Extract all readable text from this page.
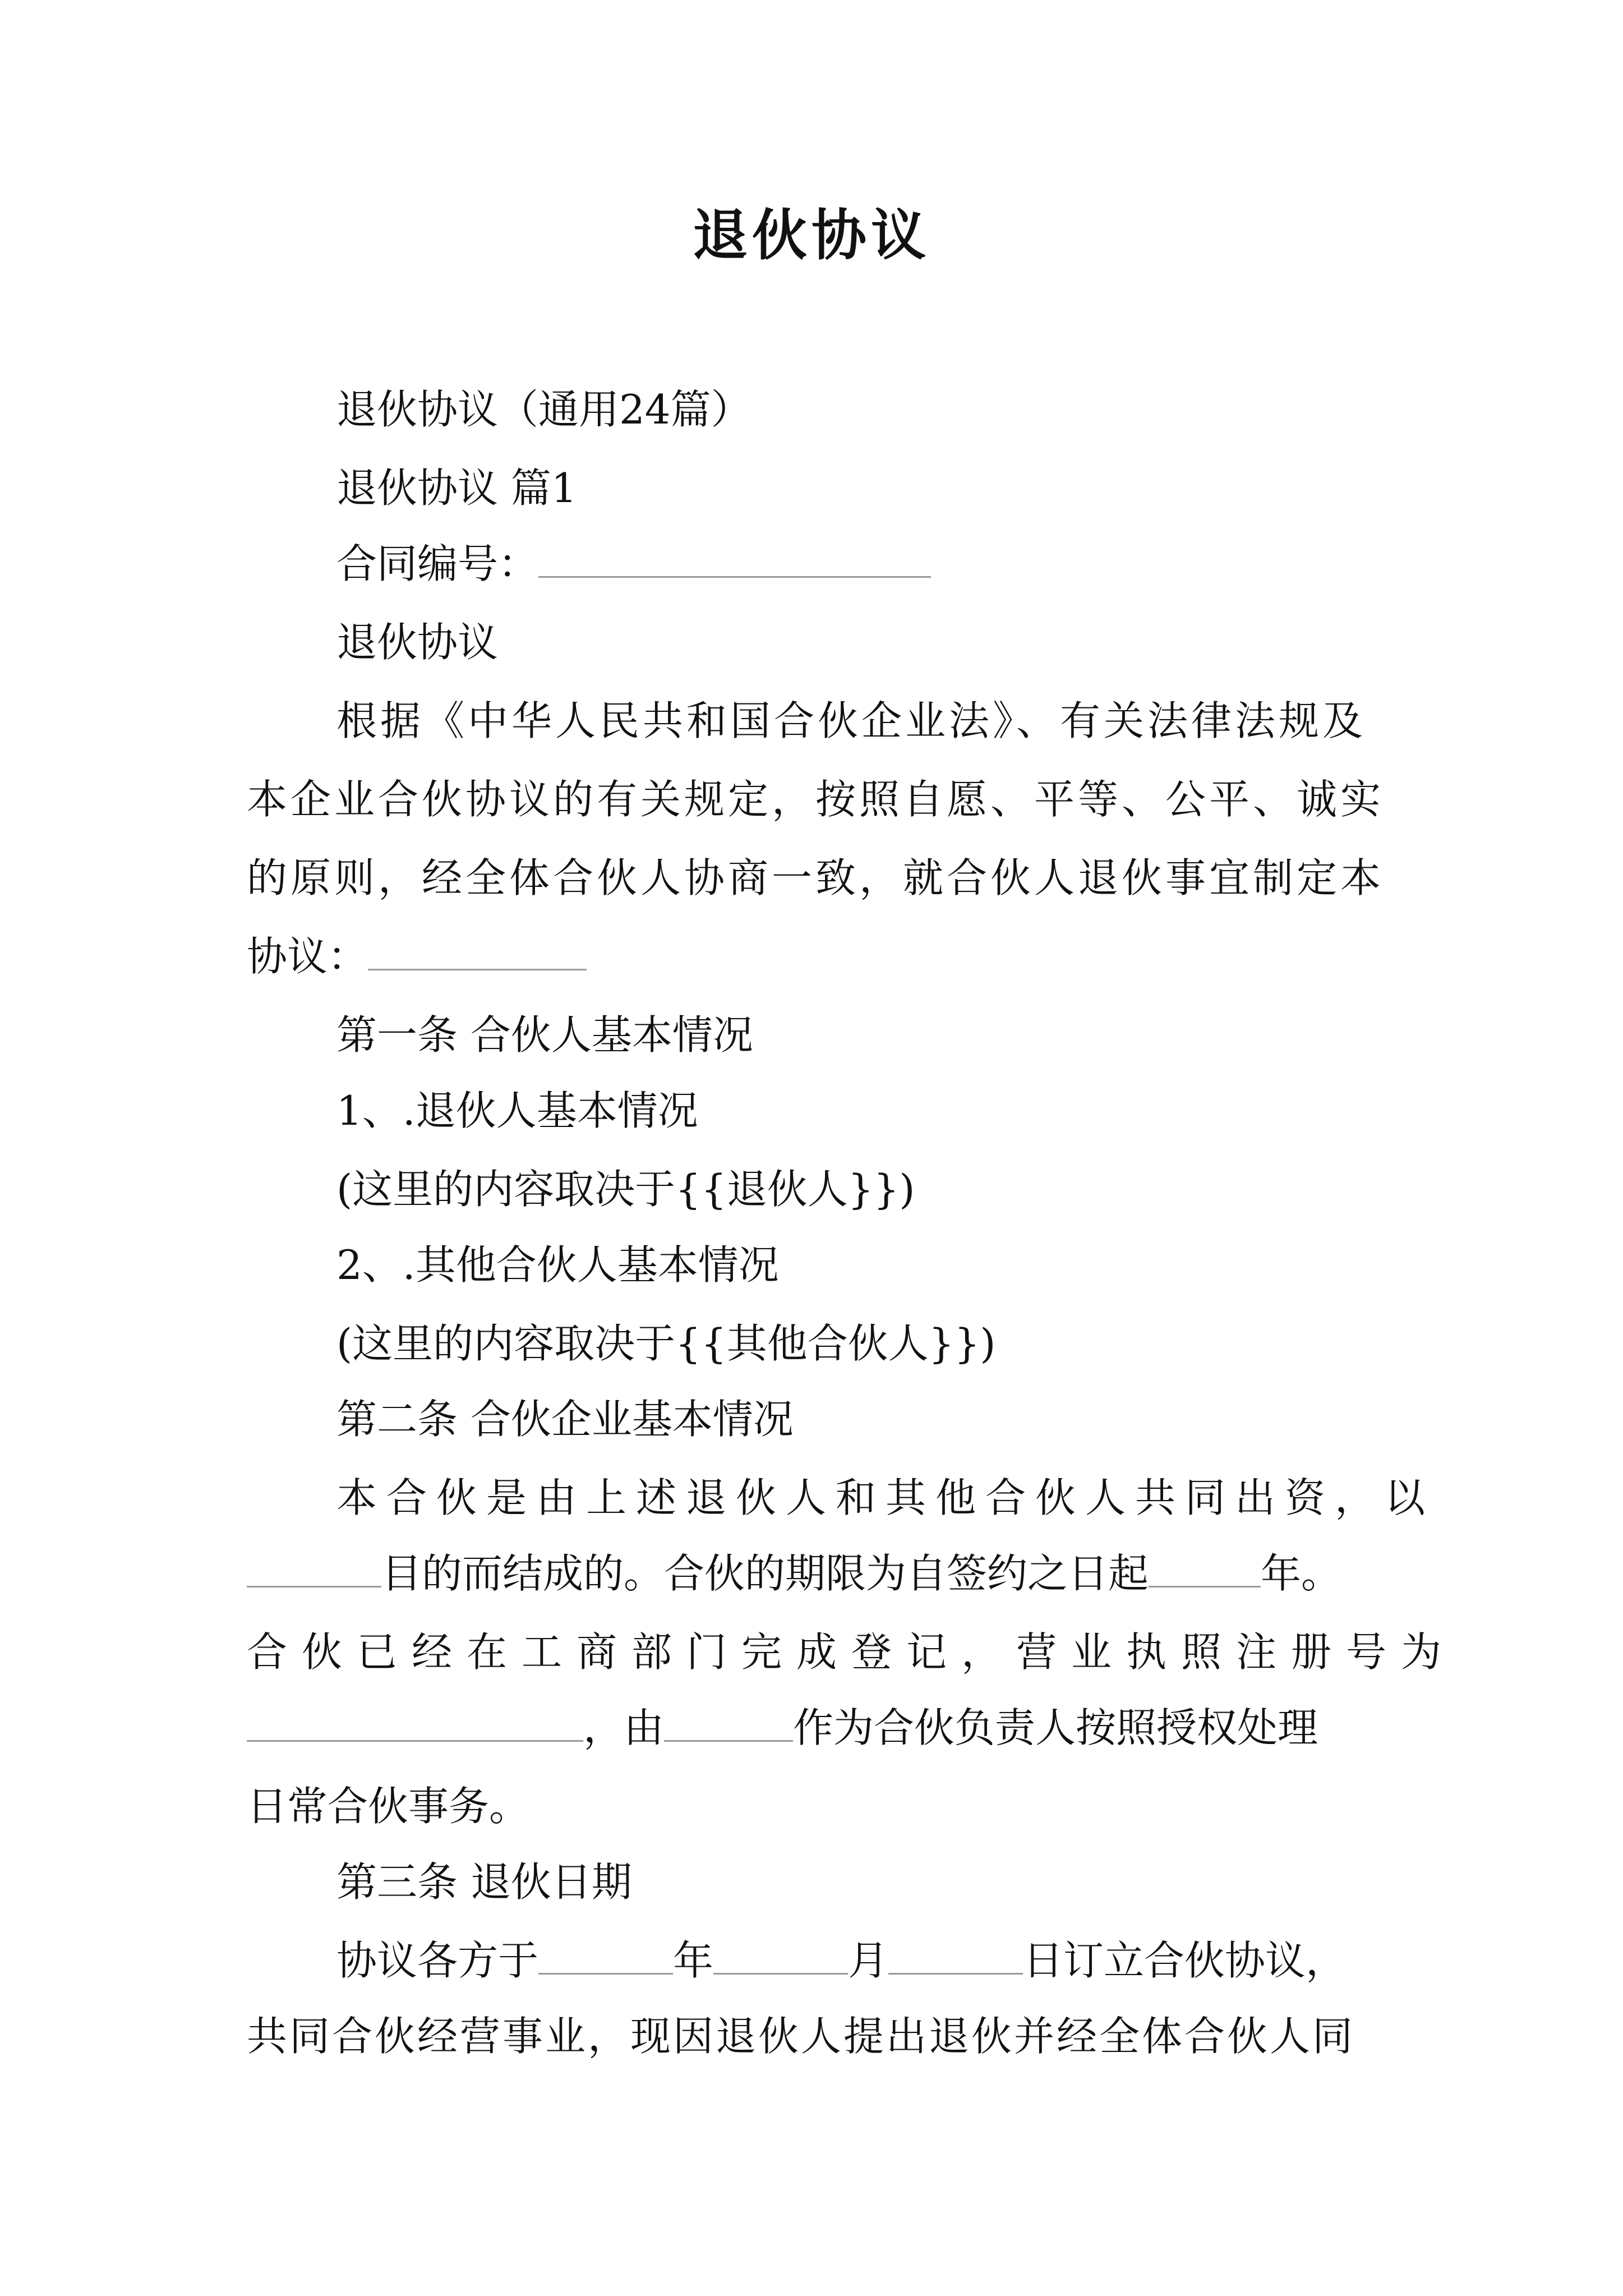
退伙协议
退伙协议（通用24篇）
退伙协议 篇1
合同编号：
退伙协议
根据《中华人民共和国合伙企业法》、有关法律法规及
本企业合伙协议的有关规定，按照自愿、平等、公平、诚实
的原则，经全体合伙人协商一致，就合伙人退伙事宜制定本
协议：
第一条 合伙人基本情况
1、.退伙人基本情况
(这里的内容取决于{{退伙人}})
2、.其他合伙人基本情况
(这里的内容取决于{{其他合伙人}})
第二条 合伙企业基本情况
本合伙是由上述退伙人和其他合伙人共同出资，以
目的而结成的。合伙的期限为自签约之日起	年。
合伙已经在工商部门完成登记，营业执照注册号为
，由	作为合伙负责人按照授权处理
日常合伙事务。
第三条 退伙日期
协议各方于	年	月	日订立合伙协议，
共同合伙经营事业，现因退伙人提出退伙并经全体合伙人同
